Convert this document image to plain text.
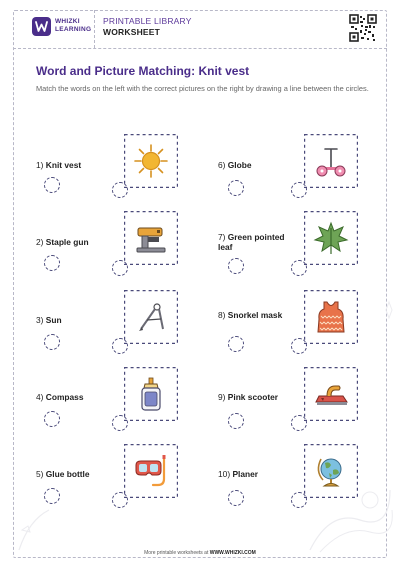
WHIZKI
LEARNING
PRINTABLE LIBRARY
WORKSHEET
Word and Picture Matching: Knit vest
Match the words on the left with the correct pictures on the right by drawing a line between the circles.
1) Knit vest
2) Staple gun
3) Sun
4) Compass
5) Glue bottle
6) Globe
7) Green pointed leaf
8) Snorkel mask
9) Pink scooter
10) Planer
More printable worksheets at WWW.WHIZKI.COM
